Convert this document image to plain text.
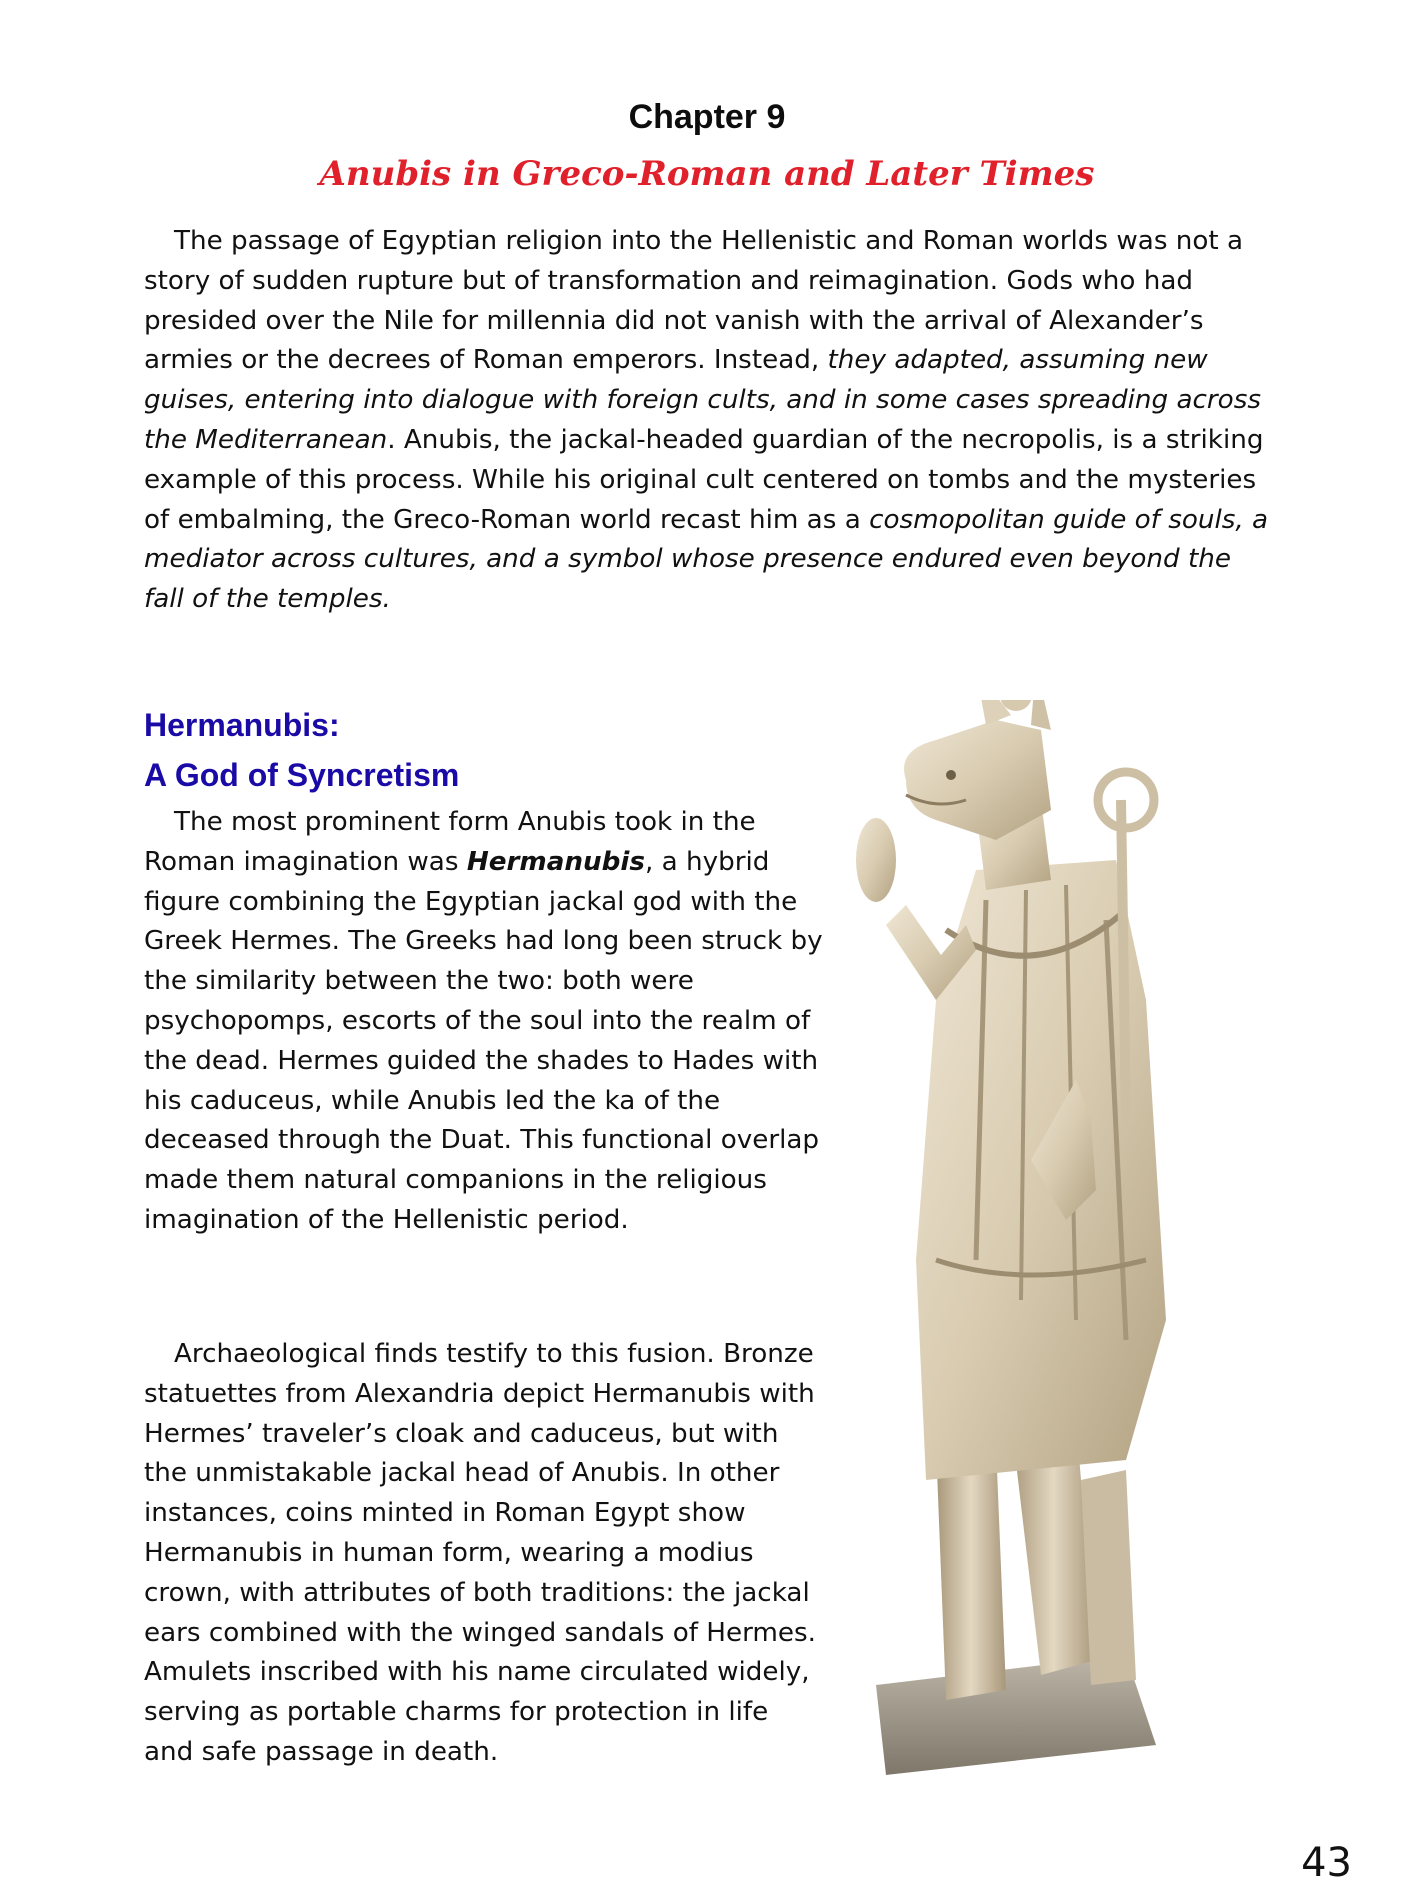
Chapter 9
Anubis in Greco-Roman and Later Times

The passage of Egyptian religion into the Hellenistic and Roman worlds was not a story of sudden rupture but of transformation and reimagination. Gods who had presided over the Nile for millennia did not vanish with the arrival of Alexander’s armies or the decrees of Roman emperors. Instead, they adapted, assuming new guises, entering into dialogue with foreign cults, and in some cases spreading across the Mediterranean. Anubis, the jackal-headed guardian of the necropolis, is a striking example of this process. While his original cult centered on tombs and the mysteries of embalming, the Greco-Roman world recast him as a cosmopolitan guide of souls, a mediator across cultures, and a symbol whose presence endured even beyond the fall of the temples.

Hermanubis:
A God of Syncretism

The most prominent form Anubis took in the Roman imagination was Hermanubis, a hybrid figure combining the Egyptian jackal god with the Greek Hermes. The Greeks had long been struck by the similarity between the two: both were psychopomps, escorts of the soul into the realm of the dead. Hermes guided the shades to Hades with his caduceus, while Anubis led the ka of the deceased through the Duat. This functional overlap made them natural companions in the religious imagination of the Hellenistic period.

Archaeological finds testify to this fusion. Bronze statuettes from Alexandria depict Hermanubis with Hermes’ traveler’s cloak and caduceus, but with the unmistakable jackal head of Anubis. In other instances, coins minted in Roman Egypt show Hermanubis in human form, wearing a modius crown, with attributes of both traditions: the jackal ears combined with the winged sandals of Hermes. Amulets inscribed with his name circulated widely, serving as portable charms for protection in life and safe passage in death.

43
